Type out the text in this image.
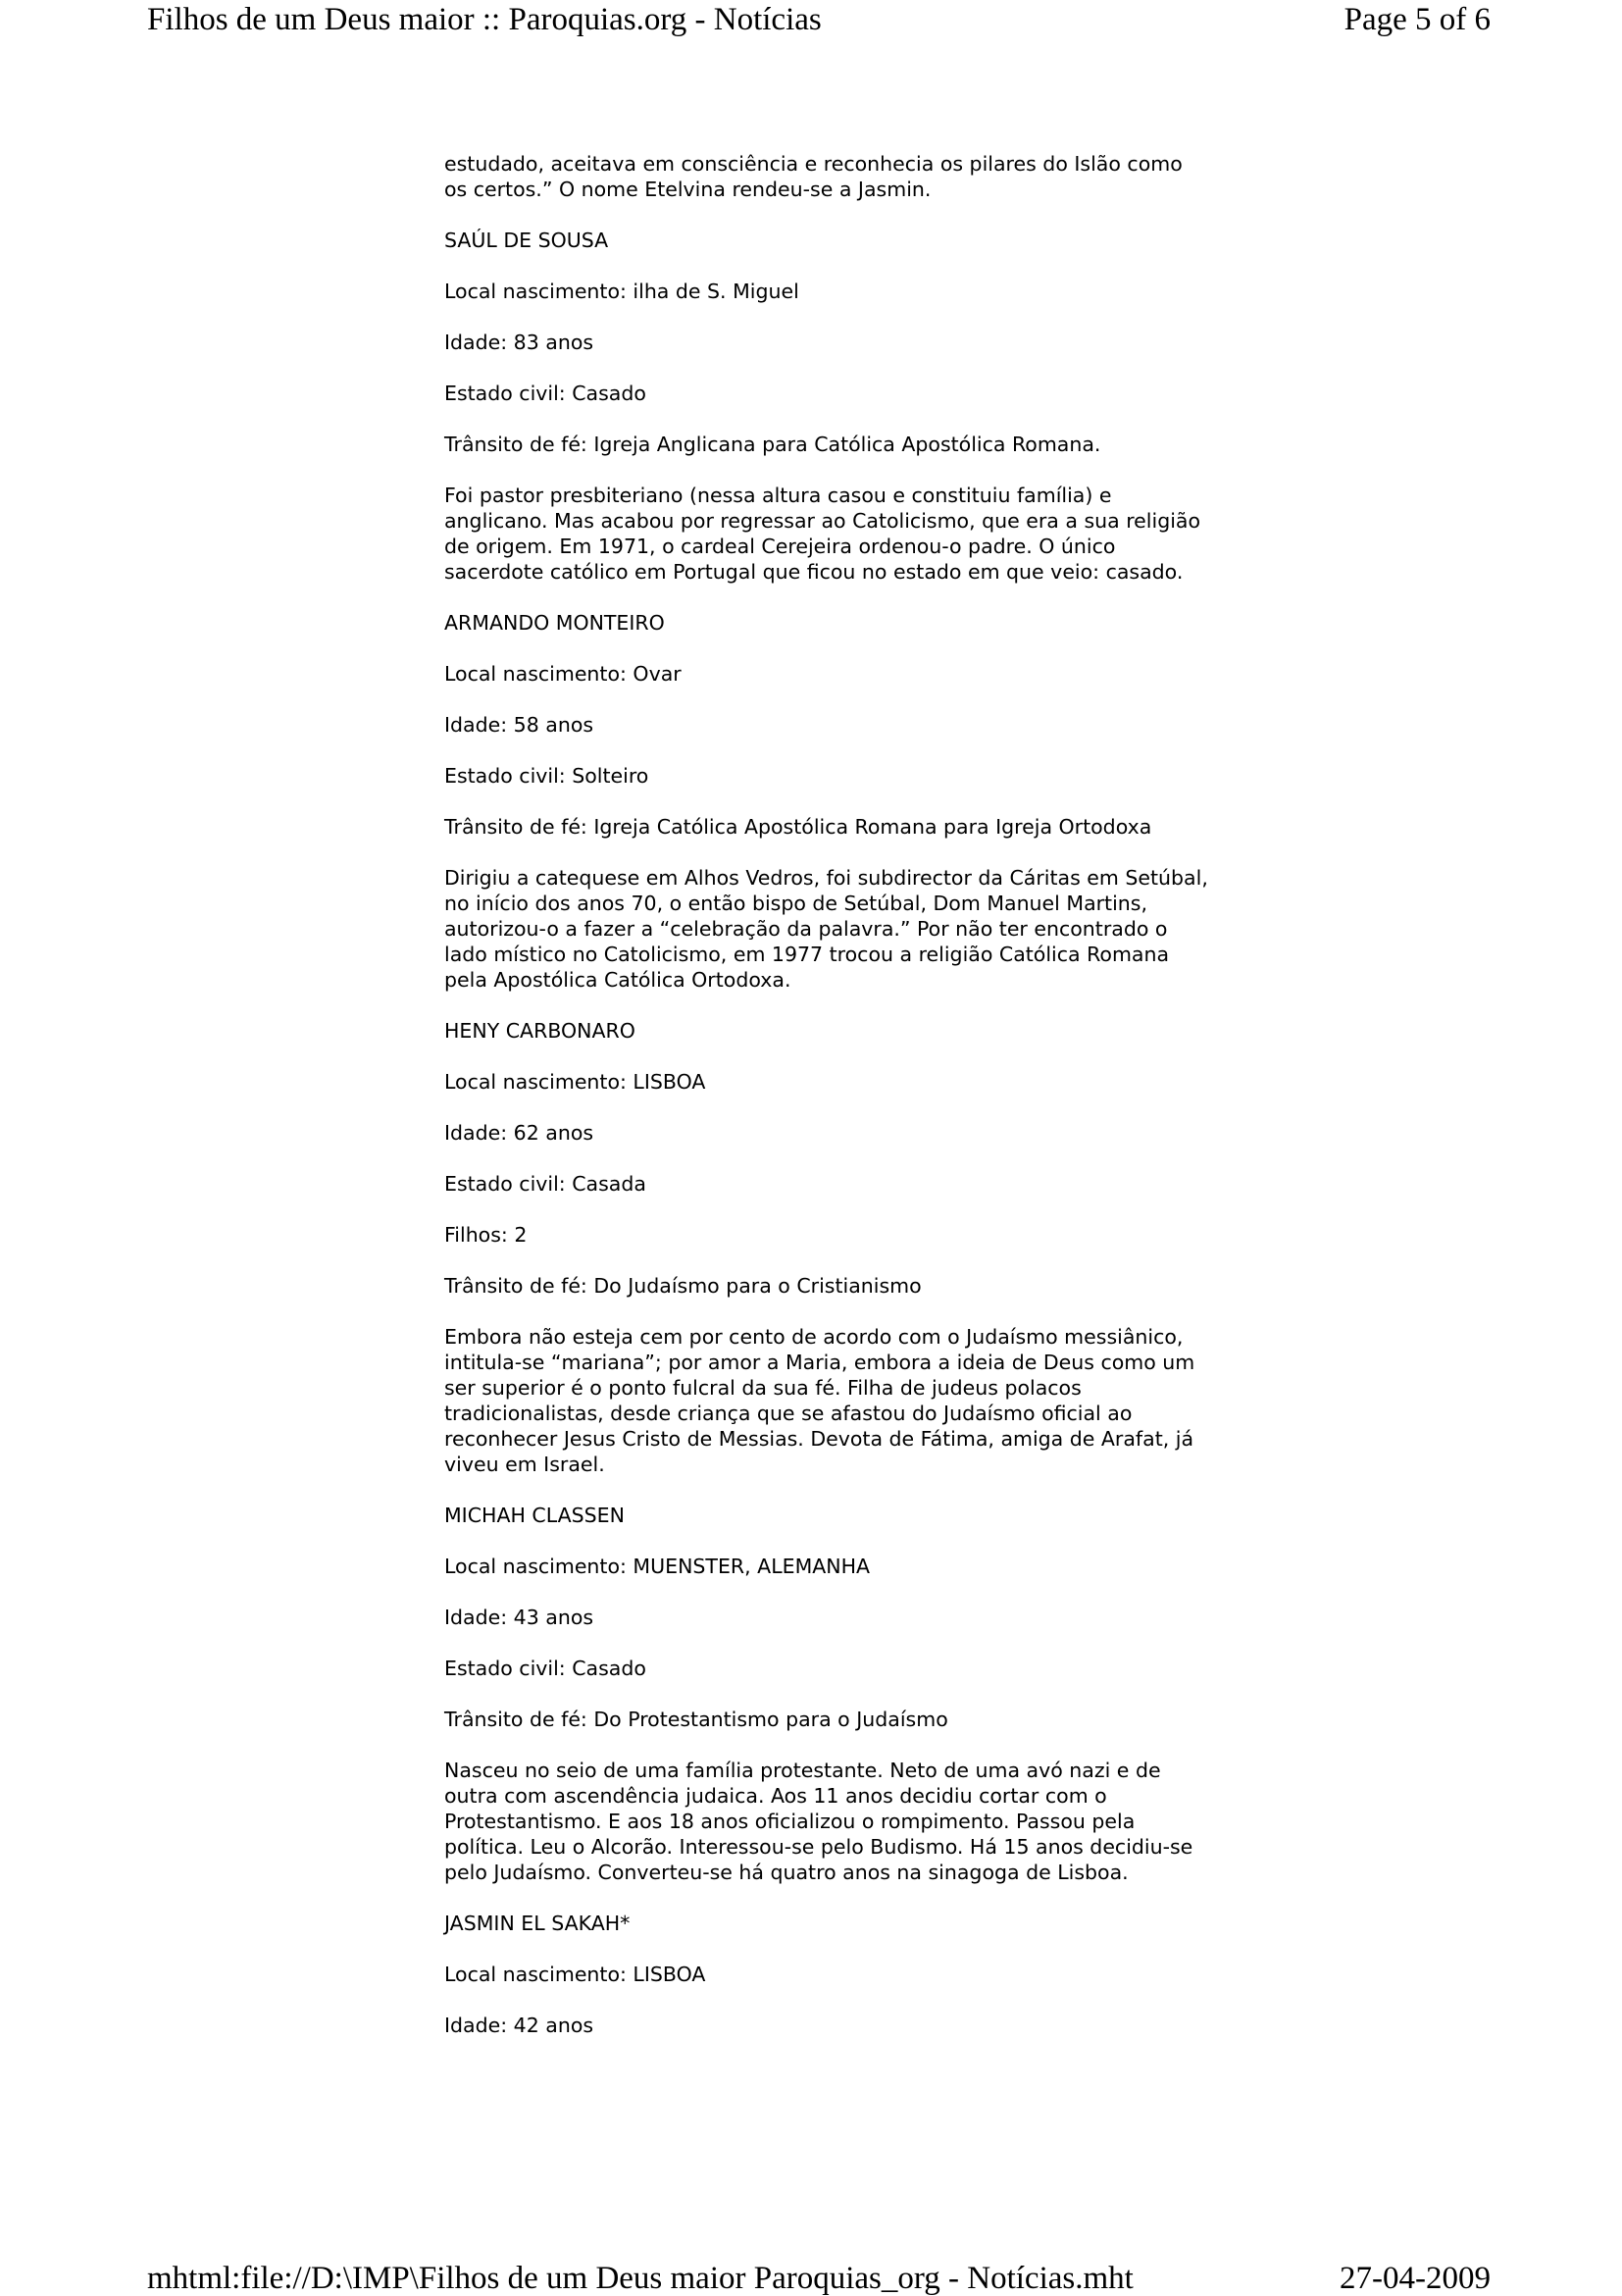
Filhos de um Deus maior :: Paroquias.org - Notícias	Page 5 of 6

estudado, aceitava em consciência e reconhecia os pilares do Islão como os certos.” O nome Etelvina rendeu-se a Jasmin.

SAÚL DE SOUSA

Local nascimento: ilha de S. Miguel

Idade: 83 anos

Estado civil: Casado

Trânsito de fé: Igreja Anglicana para Católica Apostólica Romana.

Foi pastor presbiteriano (nessa altura casou e constituiu família) e anglicano. Mas acabou por regressar ao Catolicismo, que era a sua religião de origem. Em 1971, o cardeal Cerejeira ordenou-o padre. O único sacerdote católico em Portugal que ficou no estado em que veio: casado.

ARMANDO MONTEIRO

Local nascimento: Ovar

Idade: 58 anos

Estado civil: Solteiro

Trânsito de fé: Igreja Católica Apostólica Romana para Igreja Ortodoxa

Dirigiu a catequese em Alhos Vedros, foi subdirector da Cáritas em Setúbal, no início dos anos 70, o então bispo de Setúbal, Dom Manuel Martins, autorizou-o a fazer a “celebração da palavra.” Por não ter encontrado o lado místico no Catolicismo, em 1977 trocou a religião Católica Romana pela Apostólica Católica Ortodoxa.

HENY CARBONARO

Local nascimento: LISBOA

Idade: 62 anos

Estado civil: Casada

Filhos: 2

Trânsito de fé: Do Judaísmo para o Cristianismo

Embora não esteja cem por cento de acordo com o Judaísmo messiânico, intitula-se “mariana”; por amor a Maria, embora a ideia de Deus como um ser superior é o ponto fulcral da sua fé. Filha de judeus polacos tradicionalistas, desde criança que se afastou do Judaísmo oficial ao reconhecer Jesus Cristo de Messias. Devota de Fátima, amiga de Arafat, já viveu em Israel.

MICHAH CLASSEN

Local nascimento: MUENSTER, ALEMANHA

Idade: 43 anos

Estado civil: Casado

Trânsito de fé: Do Protestantismo para o Judaísmo

Nasceu no seio de uma família protestante. Neto de uma avó nazi e de outra com ascendência judaica. Aos 11 anos decidiu cortar com o Protestantismo. E aos 18 anos oficializou o rompimento. Passou pela política. Leu o Alcorão. Interessou-se pelo Budismo. Há 15 anos decidiu-se pelo Judaísmo. Converteu-se há quatro anos na sinagoga de Lisboa.

JASMIN EL SAKAH*

Local nascimento: LISBOA

Idade: 42 anos

mhtml:file://D:\IMP\Filhos de um Deus maior Paroquias_org - Notícias.mht	27-04-2009
